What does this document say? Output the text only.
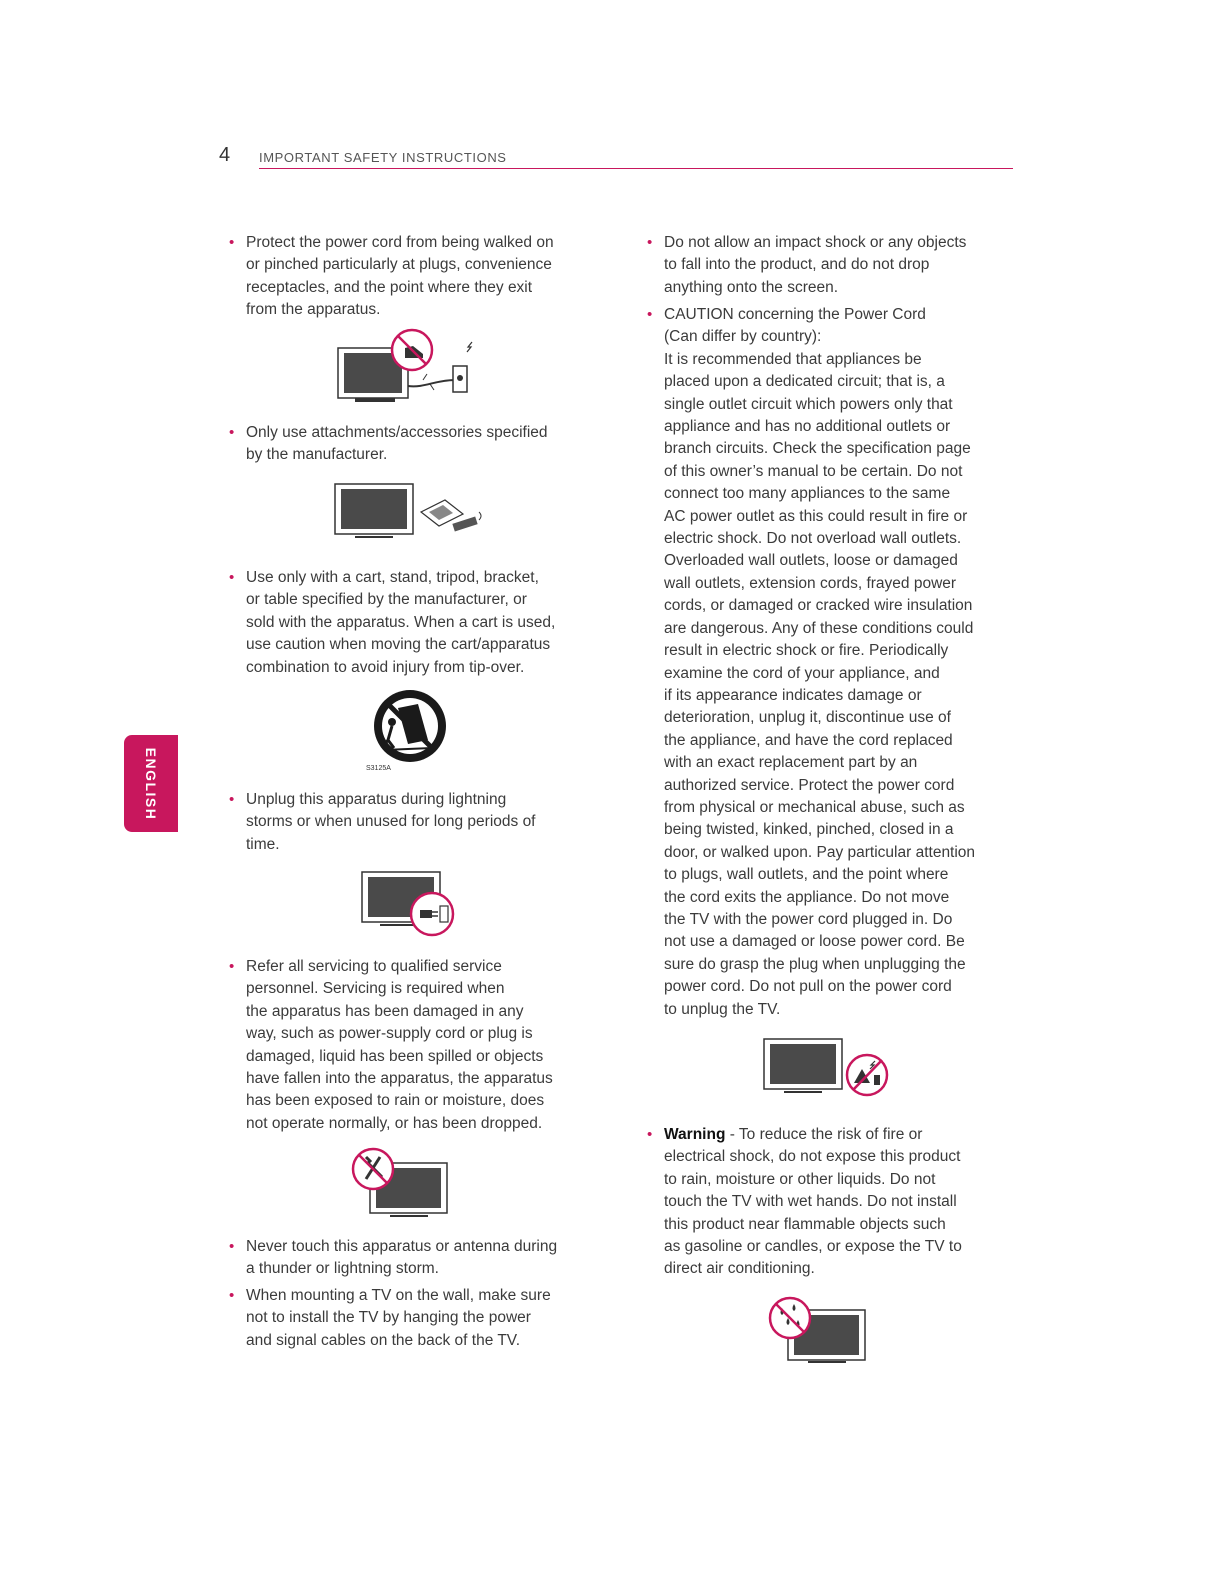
4 IMPORTANT SAFETY INSTRUCTIONS
ENGLISH
• Protect the power cord from being walked on
or pinched particularly at plugs, convenience
receptacles, and the point where they exit
from the apparatus.
• Only use attachments/accessories specified
by the manufacturer.
• Use only with a cart, stand, tripod, bracket,
or table specified by the manufacturer, or
sold with the apparatus. When a cart is used,
use caution when moving the cart/apparatus
combination to avoid injury from tip-over.
S3125A
• Unplug this apparatus during lightning
storms or when unused for long periods of
time.
• Refer all servicing to qualified service
personnel. Servicing is required when
the apparatus has been damaged in any
way, such as power-supply cord or plug is
damaged, liquid has been spilled or objects
have fallen into the apparatus, the apparatus
has been exposed to rain or moisture, does
not operate normally, or has been dropped.
• Never touch this apparatus or antenna during
a thunder or lightning storm.
• When mounting a TV on the wall, make sure
not to install the TV by hanging the power
and signal cables on the back of the TV.
• Do not allow an impact shock or any objects
to fall into the product, and do not drop
anything onto the screen.
• CAUTION concerning the Power Cord
(Can differ by country):
It is recommended that appliances be
placed upon a dedicated circuit; that is, a
single outlet circuit which powers only that
appliance and has no additional outlets or
branch circuits. Check the specification page
of this owner’s manual to be certain. Do not
connect too many appliances to the same
AC power outlet as this could result in fire or
electric shock. Do not overload wall outlets.
Overloaded wall outlets, loose or damaged
wall outlets, extension cords, frayed power
cords, or damaged or cracked wire insulation
are dangerous. Any of these conditions could
result in electric shock or fire. Periodically
examine the cord of your appliance, and
if its appearance indicates damage or
deterioration, unplug it, discontinue use of
the appliance, and have the cord replaced
with an exact replacement part by an
authorized service. Protect the power cord
from physical or mechanical abuse, such as
being twisted, kinked, pinched, closed in a
door, or walked upon. Pay particular attention
to plugs, wall outlets, and the point where
the cord exits the appliance. Do not move
the TV with the power cord plugged in. Do
not use a damaged or loose power cord. Be
sure do grasp the plug when unplugging the
power cord. Do not pull on the power cord
to unplug the TV.
• Warning - To reduce the risk of fire or
electrical shock, do not expose this product
to rain, moisture or other liquids. Do not
touch the TV with wet hands. Do not install
this product near flammable objects such
as gasoline or candles, or expose the TV to
direct air conditioning.
